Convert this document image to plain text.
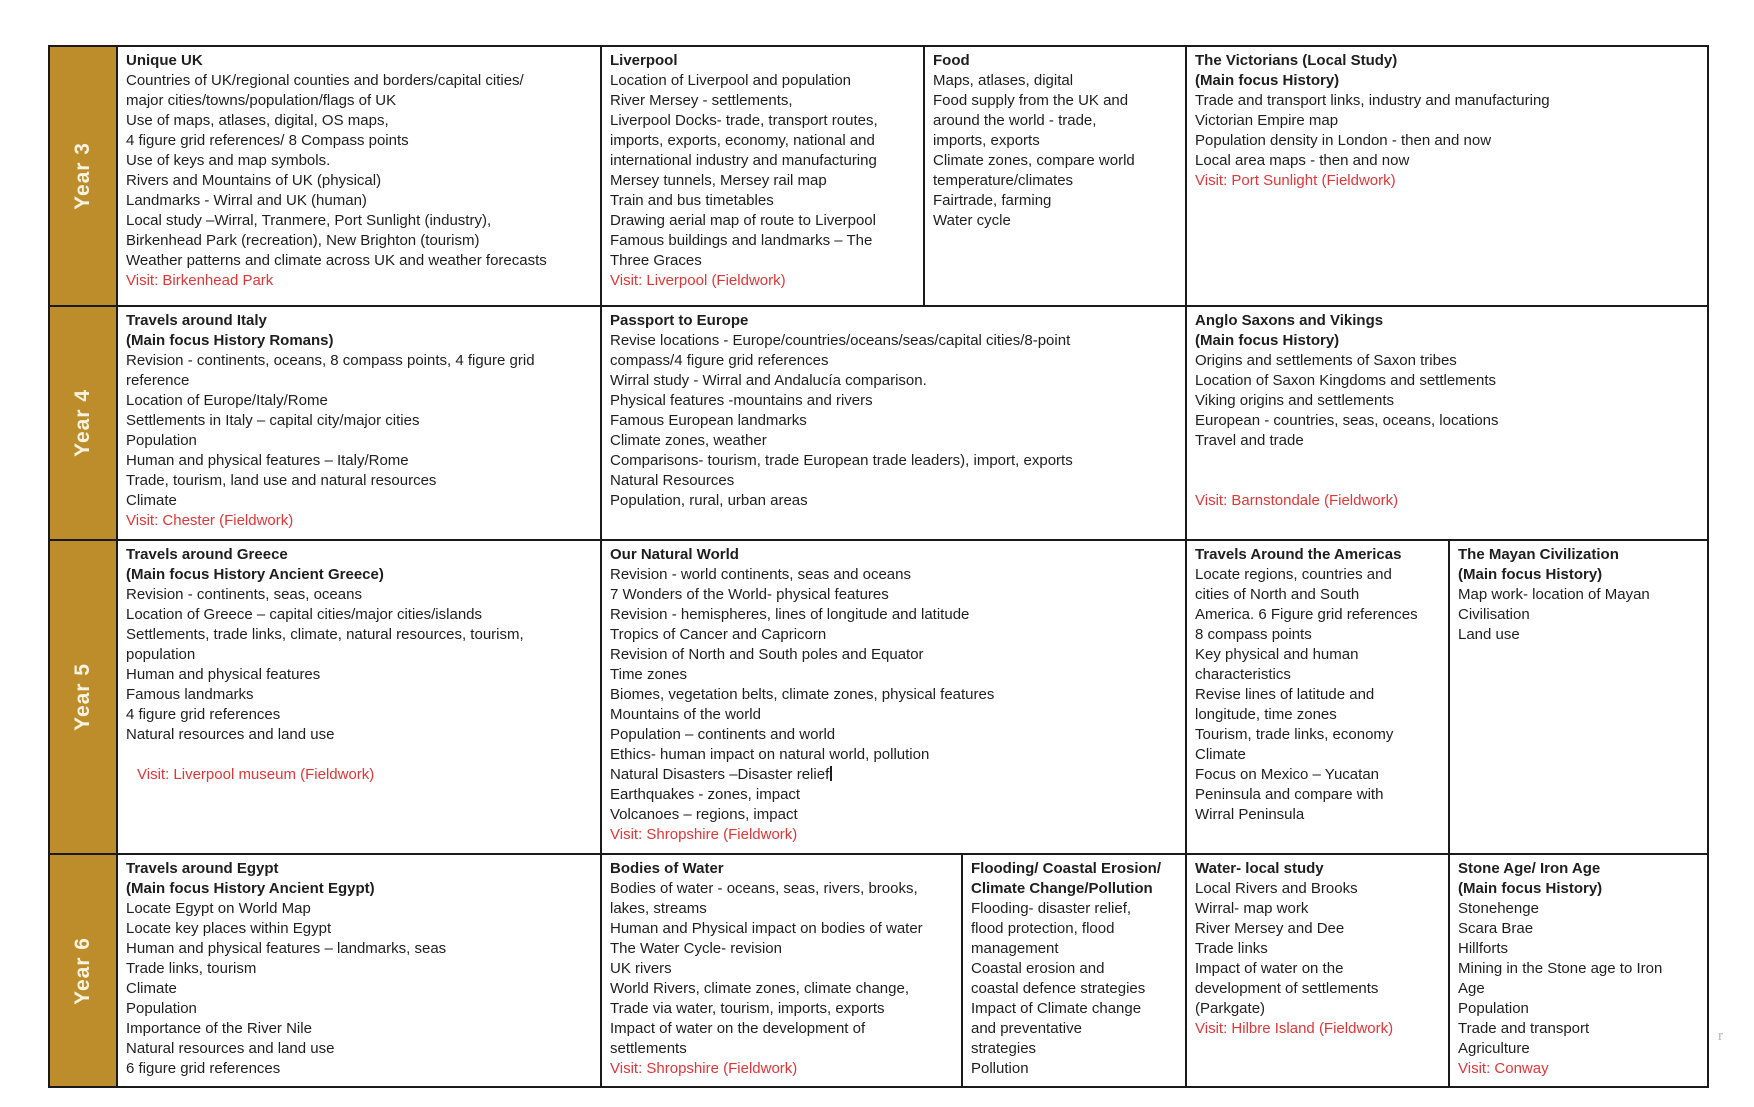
Year 3
Unique UK
Countries of UK/regional counties and borders/capital cities/
major cities/towns/population/flags of UK
Use of maps, atlases, digital, OS maps,
4 figure grid references/ 8 Compass points
Use of keys and map symbols.
Rivers and Mountains of UK (physical)
Landmarks - Wirral and UK (human)
Local study –Wirral, Tranmere, Port Sunlight (industry),
Birkenhead Park (recreation), New Brighton (tourism)
Weather patterns and climate across UK and weather forecasts
Visit: Birkenhead Park
Liverpool
Location of Liverpool and population
River Mersey - settlements,
Liverpool Docks- trade, transport routes,
imports, exports, economy, national and
international industry and manufacturing
Mersey tunnels, Mersey rail map
Train and bus timetables
Drawing aerial map of route to Liverpool
Famous buildings and landmarks – The
Three Graces
Visit: Liverpool (Fieldwork)
Food
Maps, atlases, digital
Food supply from the UK and
around the world - trade,
imports, exports
Climate zones, compare world
temperature/climates
Fairtrade, farming
Water cycle
The Victorians (Local Study)
(Main focus History)
Trade and transport links, industry and manufacturing
Victorian Empire map
Population density in London - then and now
Local area maps - then and now
Visit: Port Sunlight (Fieldwork)
Year 4
Travels around Italy
(Main focus History Romans)
Revision - continents, oceans, 8 compass points, 4 figure grid
reference
Location of Europe/Italy/Rome
Settlements in Italy – capital city/major cities
Population
Human and physical features – Italy/Rome
Trade, tourism, land use and natural resources
Climate
Visit: Chester (Fieldwork)
Passport to Europe
Revise locations - Europe/countries/oceans/seas/capital cities/8-point
compass/4 figure grid references
Wirral study - Wirral and Andalucía comparison.
Physical features -mountains and rivers
Famous European landmarks
Climate zones, weather
Comparisons- tourism, trade European trade leaders), import, exports
Natural Resources
Population, rural, urban areas
Anglo Saxons and Vikings
(Main focus History)
Origins and settlements of Saxon tribes
Location of Saxon Kingdoms and settlements
Viking origins and settlements
European - countries, seas, oceans, locations
Travel and trade
Visit: Barnstondale (Fieldwork)
Year 5
Travels around Greece
(Main focus History Ancient Greece)
Revision - continents, seas, oceans
Location of Greece – capital cities/major cities/islands
Settlements, trade links, climate, natural resources, tourism,
population
Human and physical features
Famous landmarks
4 figure grid references
Natural resources and land use
Visit: Liverpool museum (Fieldwork)
Our Natural World
Revision - world continents, seas and oceans
7 Wonders of the World- physical features
Revision - hemispheres, lines of longitude and latitude
Tropics of Cancer and Capricorn
Revision of North and South poles and Equator
Time zones
Biomes, vegetation belts, climate zones, physical features
Mountains of the world
Population – continents and world
Ethics- human impact on natural world, pollution
Natural Disasters –Disaster relief
Earthquakes - zones, impact
Volcanoes – regions, impact
Visit: Shropshire (Fieldwork)
Travels Around the Americas
Locate regions, countries and
cities of North and South
America. 6 Figure grid references
8 compass points
Key physical and human
characteristics
Revise lines of latitude and
longitude, time zones
Tourism, trade links, economy
Climate
Focus on Mexico – Yucatan
Peninsula and compare with
Wirral Peninsula
The Mayan Civilization
(Main focus History)
Map work- location of Mayan
Civilisation
Land use
Year 6
Travels around Egypt
(Main focus History Ancient Egypt)
Locate Egypt on World Map
Locate key places within Egypt
Human and physical features – landmarks, seas
Trade links, tourism
Climate
Population
Importance of the River Nile
Natural resources and land use
6 figure grid references
Bodies of Water
Bodies of water - oceans, seas, rivers, brooks,
lakes, streams
Human and Physical impact on bodies of water
The Water Cycle- revision
UK rivers
World Rivers, climate zones, climate change,
Trade via water, tourism, imports, exports
Impact of water on the development of
settlements
Visit: Shropshire (Fieldwork)
Flooding/ Coastal Erosion/
Climate Change/Pollution
Flooding- disaster relief,
flood protection, flood
management
Coastal erosion and
coastal defence strategies
Impact of Climate change
and preventative
strategies
Pollution
Water- local study
Local Rivers and Brooks
Wirral- map work
River Mersey and Dee
Trade links
Impact of water on the
development of settlements
(Parkgate)
Visit: Hilbre Island (Fieldwork)
Stone Age/ Iron Age
(Main focus History)
Stonehenge
Scara Brae
Hillforts
Mining in the Stone age to Iron
Age
Population
Trade and transport
Agriculture
Visit: Conway
r
